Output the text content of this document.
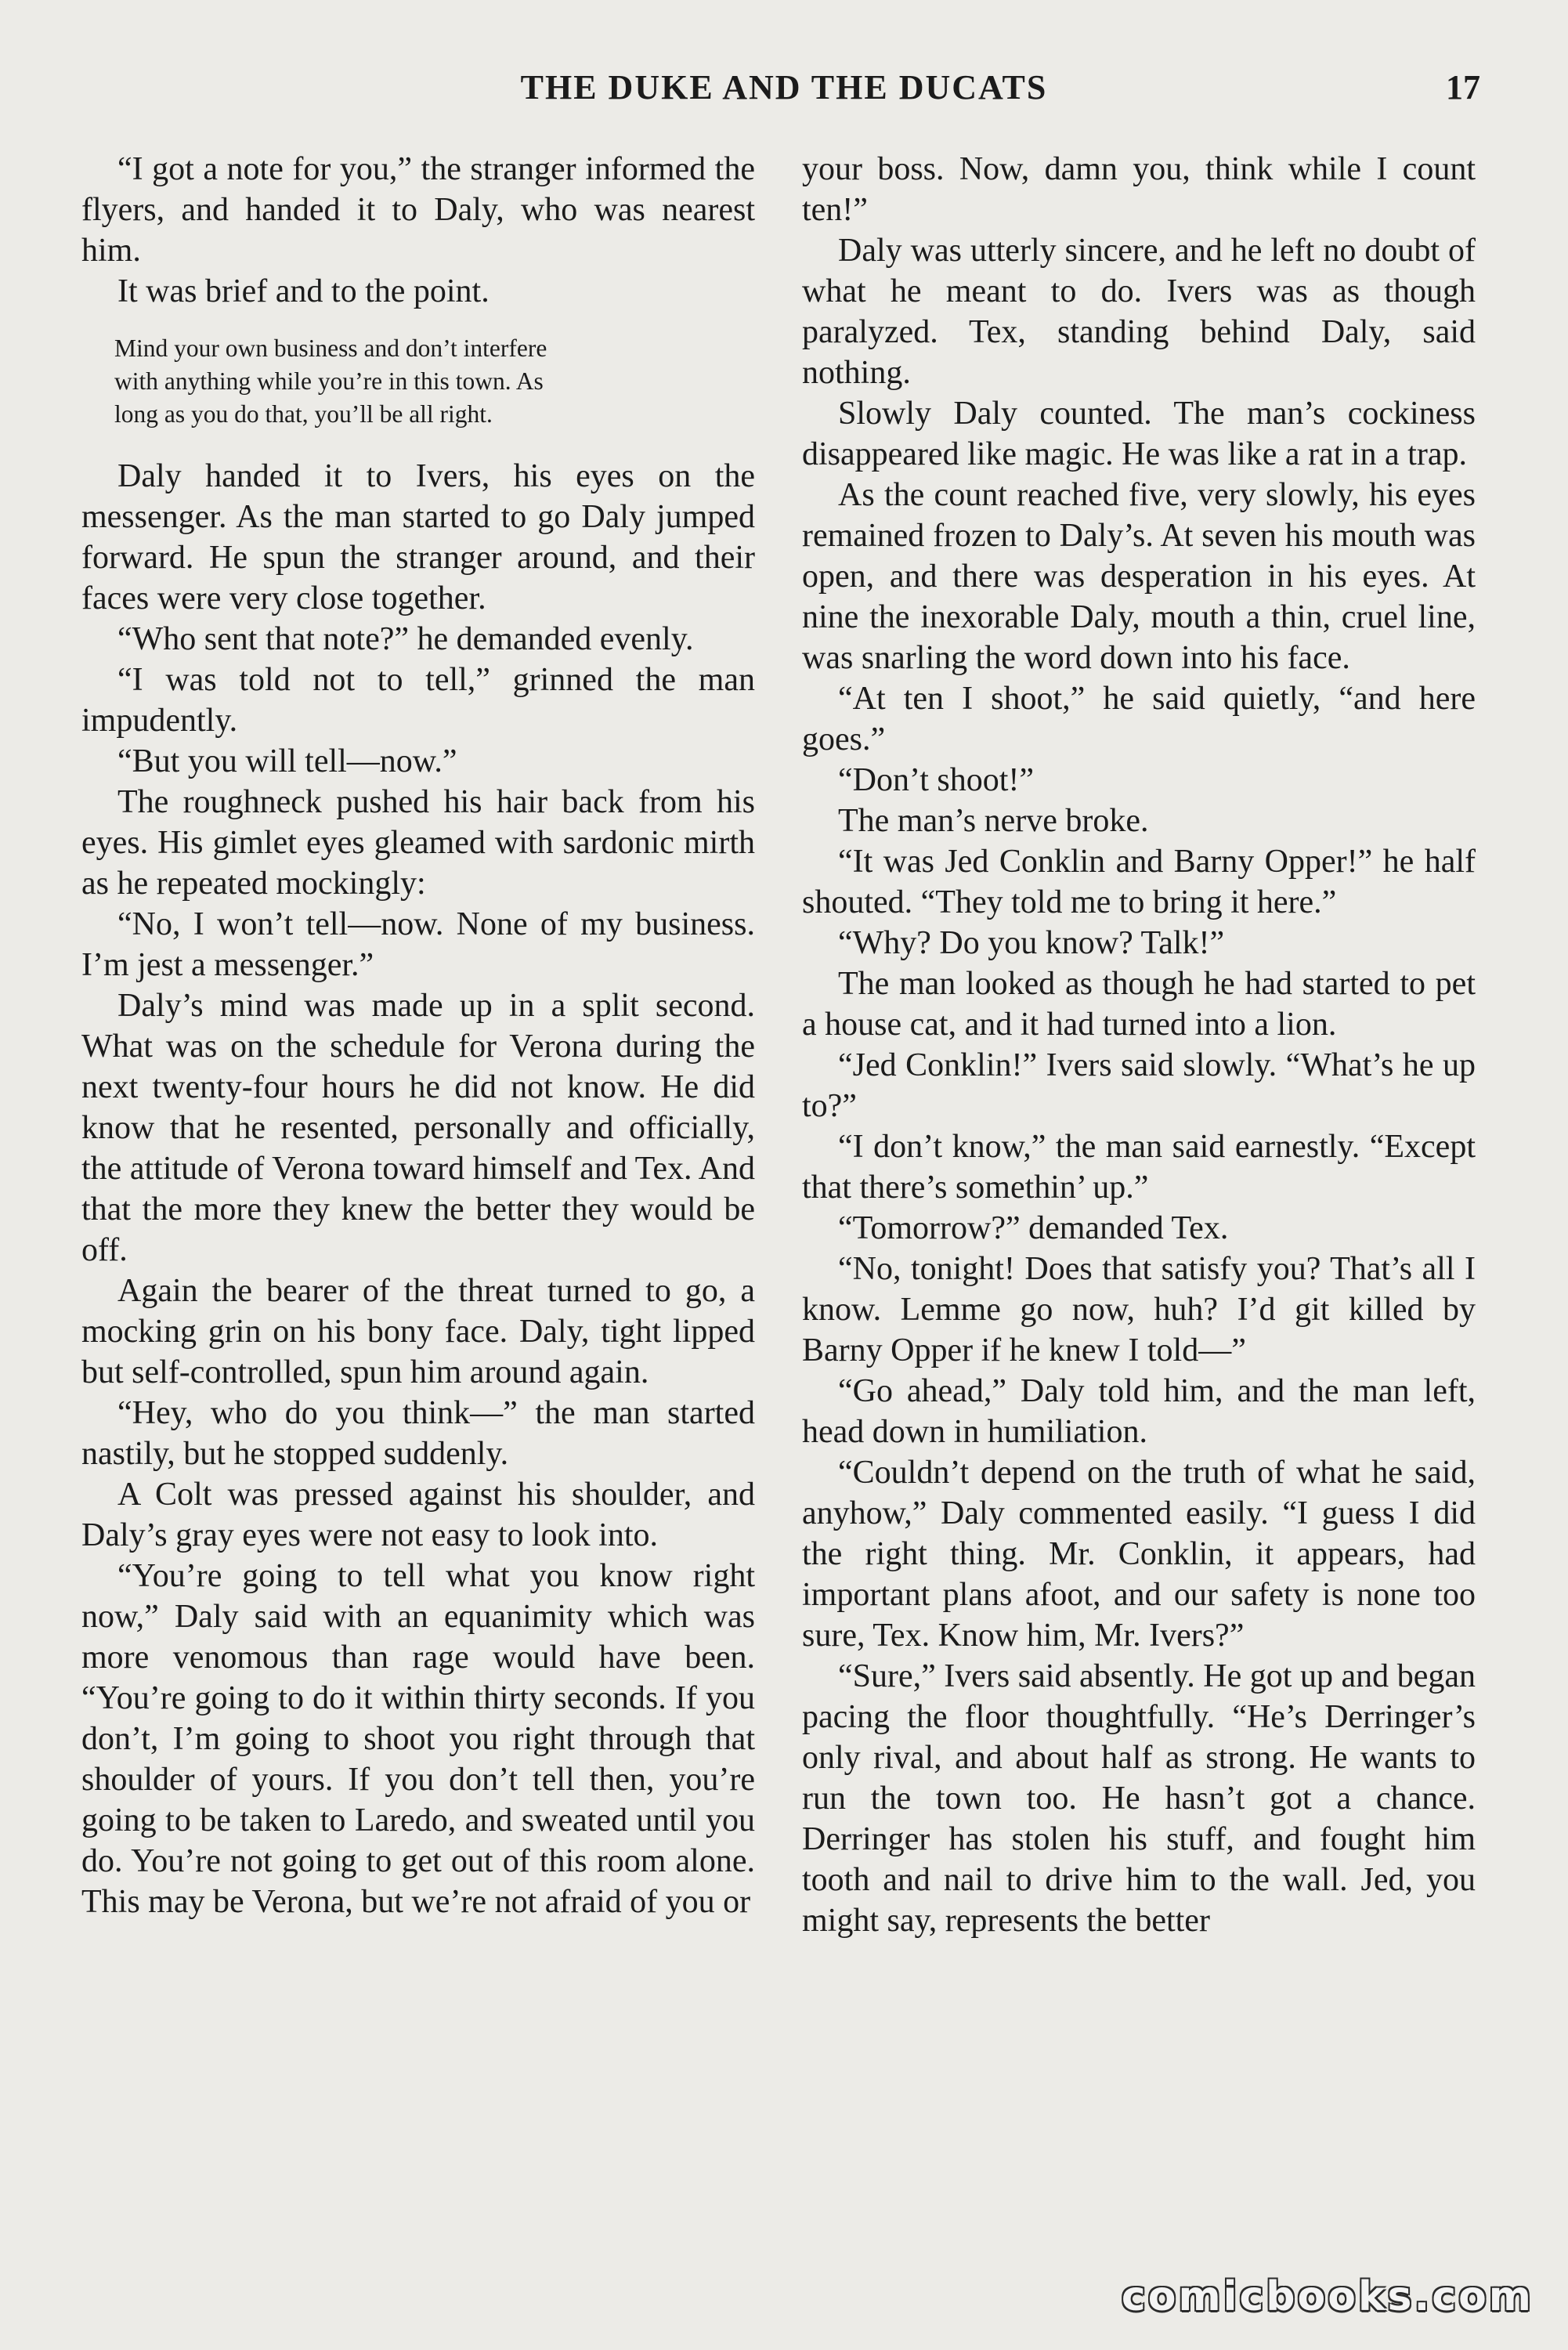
THE DUKE AND THE DUCATS	17

“I got a note for you,” the stranger informed the flyers, and handed it to Daly, who was nearest him.

It was brief and to the point.

Mind your own business and don’t interfere
with anything while you’re in this town. As
long as you do that, you’ll be all right.

Daly handed it to Ivers, his eyes on the messenger. As the man started to go Daly jumped forward. He spun the stranger around, and their faces were very close together.

“Who sent that note?” he demanded evenly.

“I was told not to tell,” grinned the man impudently.

“But you will tell—now.”

The roughneck pushed his hair back from his eyes. His gimlet eyes gleamed with sardonic mirth as he repeated mockingly:

“No, I won’t tell—now. None of my business. I’m jest a messenger.”

Daly’s mind was made up in a split second. What was on the schedule for Verona during the next twenty-four hours he did not know. He did know that he resented, personally and officially, the attitude of Verona toward himself and Tex. And that the more they knew the better they would be off.

Again the bearer of the threat turned to go, a mocking grin on his bony face. Daly, tight lipped but self-controlled, spun him around again.

“Hey, who do you think—” the man started nastily, but he stopped suddenly.

A Colt was pressed against his shoulder, and Daly’s gray eyes were not easy to look into.

“You’re going to tell what you know right now,” Daly said with an equanimity which was more venomous than rage would have been. “You’re going to do it within thirty seconds. If you don’t, I’m going to shoot you right through that shoulder of yours. If you don’t tell then, you’re going to be taken to Laredo, and sweated until you do. You’re not going to get out of this room alone. This may be Verona, but we’re not afraid of you or

your boss. Now, damn you, think while I count ten!”

Daly was utterly sincere, and he left no doubt of what he meant to do. Ivers was as though paralyzed. Tex, standing behind Daly, said nothing.

Slowly Daly counted. The man’s cockiness disappeared like magic. He was like a rat in a trap.

As the count reached five, very slowly, his eyes remained frozen to Daly’s. At seven his mouth was open, and there was desperation in his eyes. At nine the inexorable Daly, mouth a thin, cruel line, was snarling the word down into his face.

“At ten I shoot,” he said quietly, “and here goes.”

“Don’t shoot!”

The man’s nerve broke.

“It was Jed Conklin and Barny Opper!” he half shouted. “They told me to bring it here.”

“Why? Do you know? Talk!”

The man looked as though he had started to pet a house cat, and it had turned into a lion.

“Jed Conklin!” Ivers said slowly. “What’s he up to?”

“I don’t know,” the man said earnestly. “Except that there’s somethin’ up.”

“Tomorrow?” demanded Tex.

“No, tonight! Does that satisfy you? That’s all I know. Lemme go now, huh? I’d git killed by Barny Opper if he knew I told—”

“Go ahead,” Daly told him, and the man left, head down in humiliation.

“Couldn’t depend on the truth of what he said, anyhow,” Daly commented easily. “I guess I did the right thing. Mr. Conklin, it appears, had important plans afoot, and our safety is none too sure, Tex. Know him, Mr. Ivers?”

“Sure,” Ivers said absently. He got up and began pacing the floor thoughtfully. “He’s Derringer’s only rival, and about half as strong. He wants to run the town too. He hasn’t got a chance. Derringer has stolen his stuff, and fought him tooth and nail to drive him to the wall. Jed, you might say, represents the better

comicbooks.com
